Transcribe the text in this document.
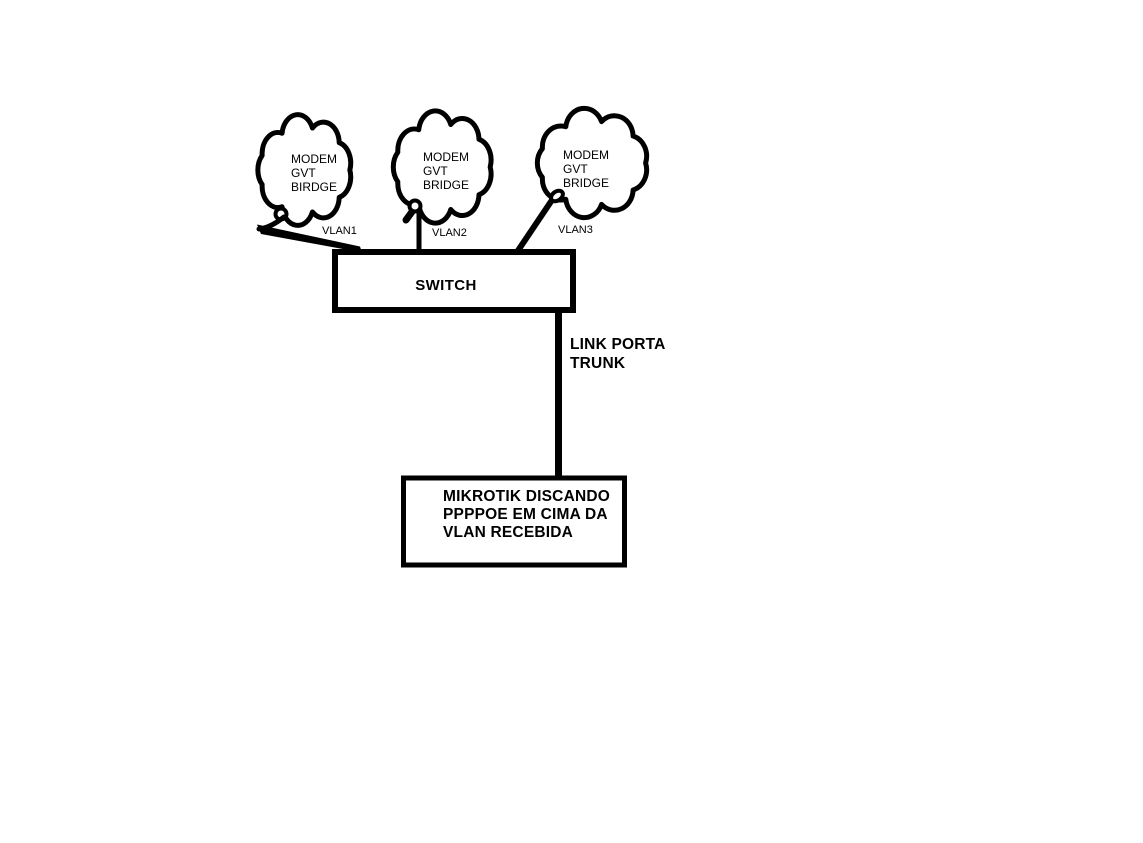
MODEM
GVT
BIRDGE
VLAN1
MODEM
GVT
BRIDGE
VLAN2
MODEM
GVT
BRIDGE
VLAN3
LINK PORTA
TRUNK
SWITCH
MIKROTIK DISCANDO
PPPPOE EM CIMA DA
VLAN RECEBIDA
